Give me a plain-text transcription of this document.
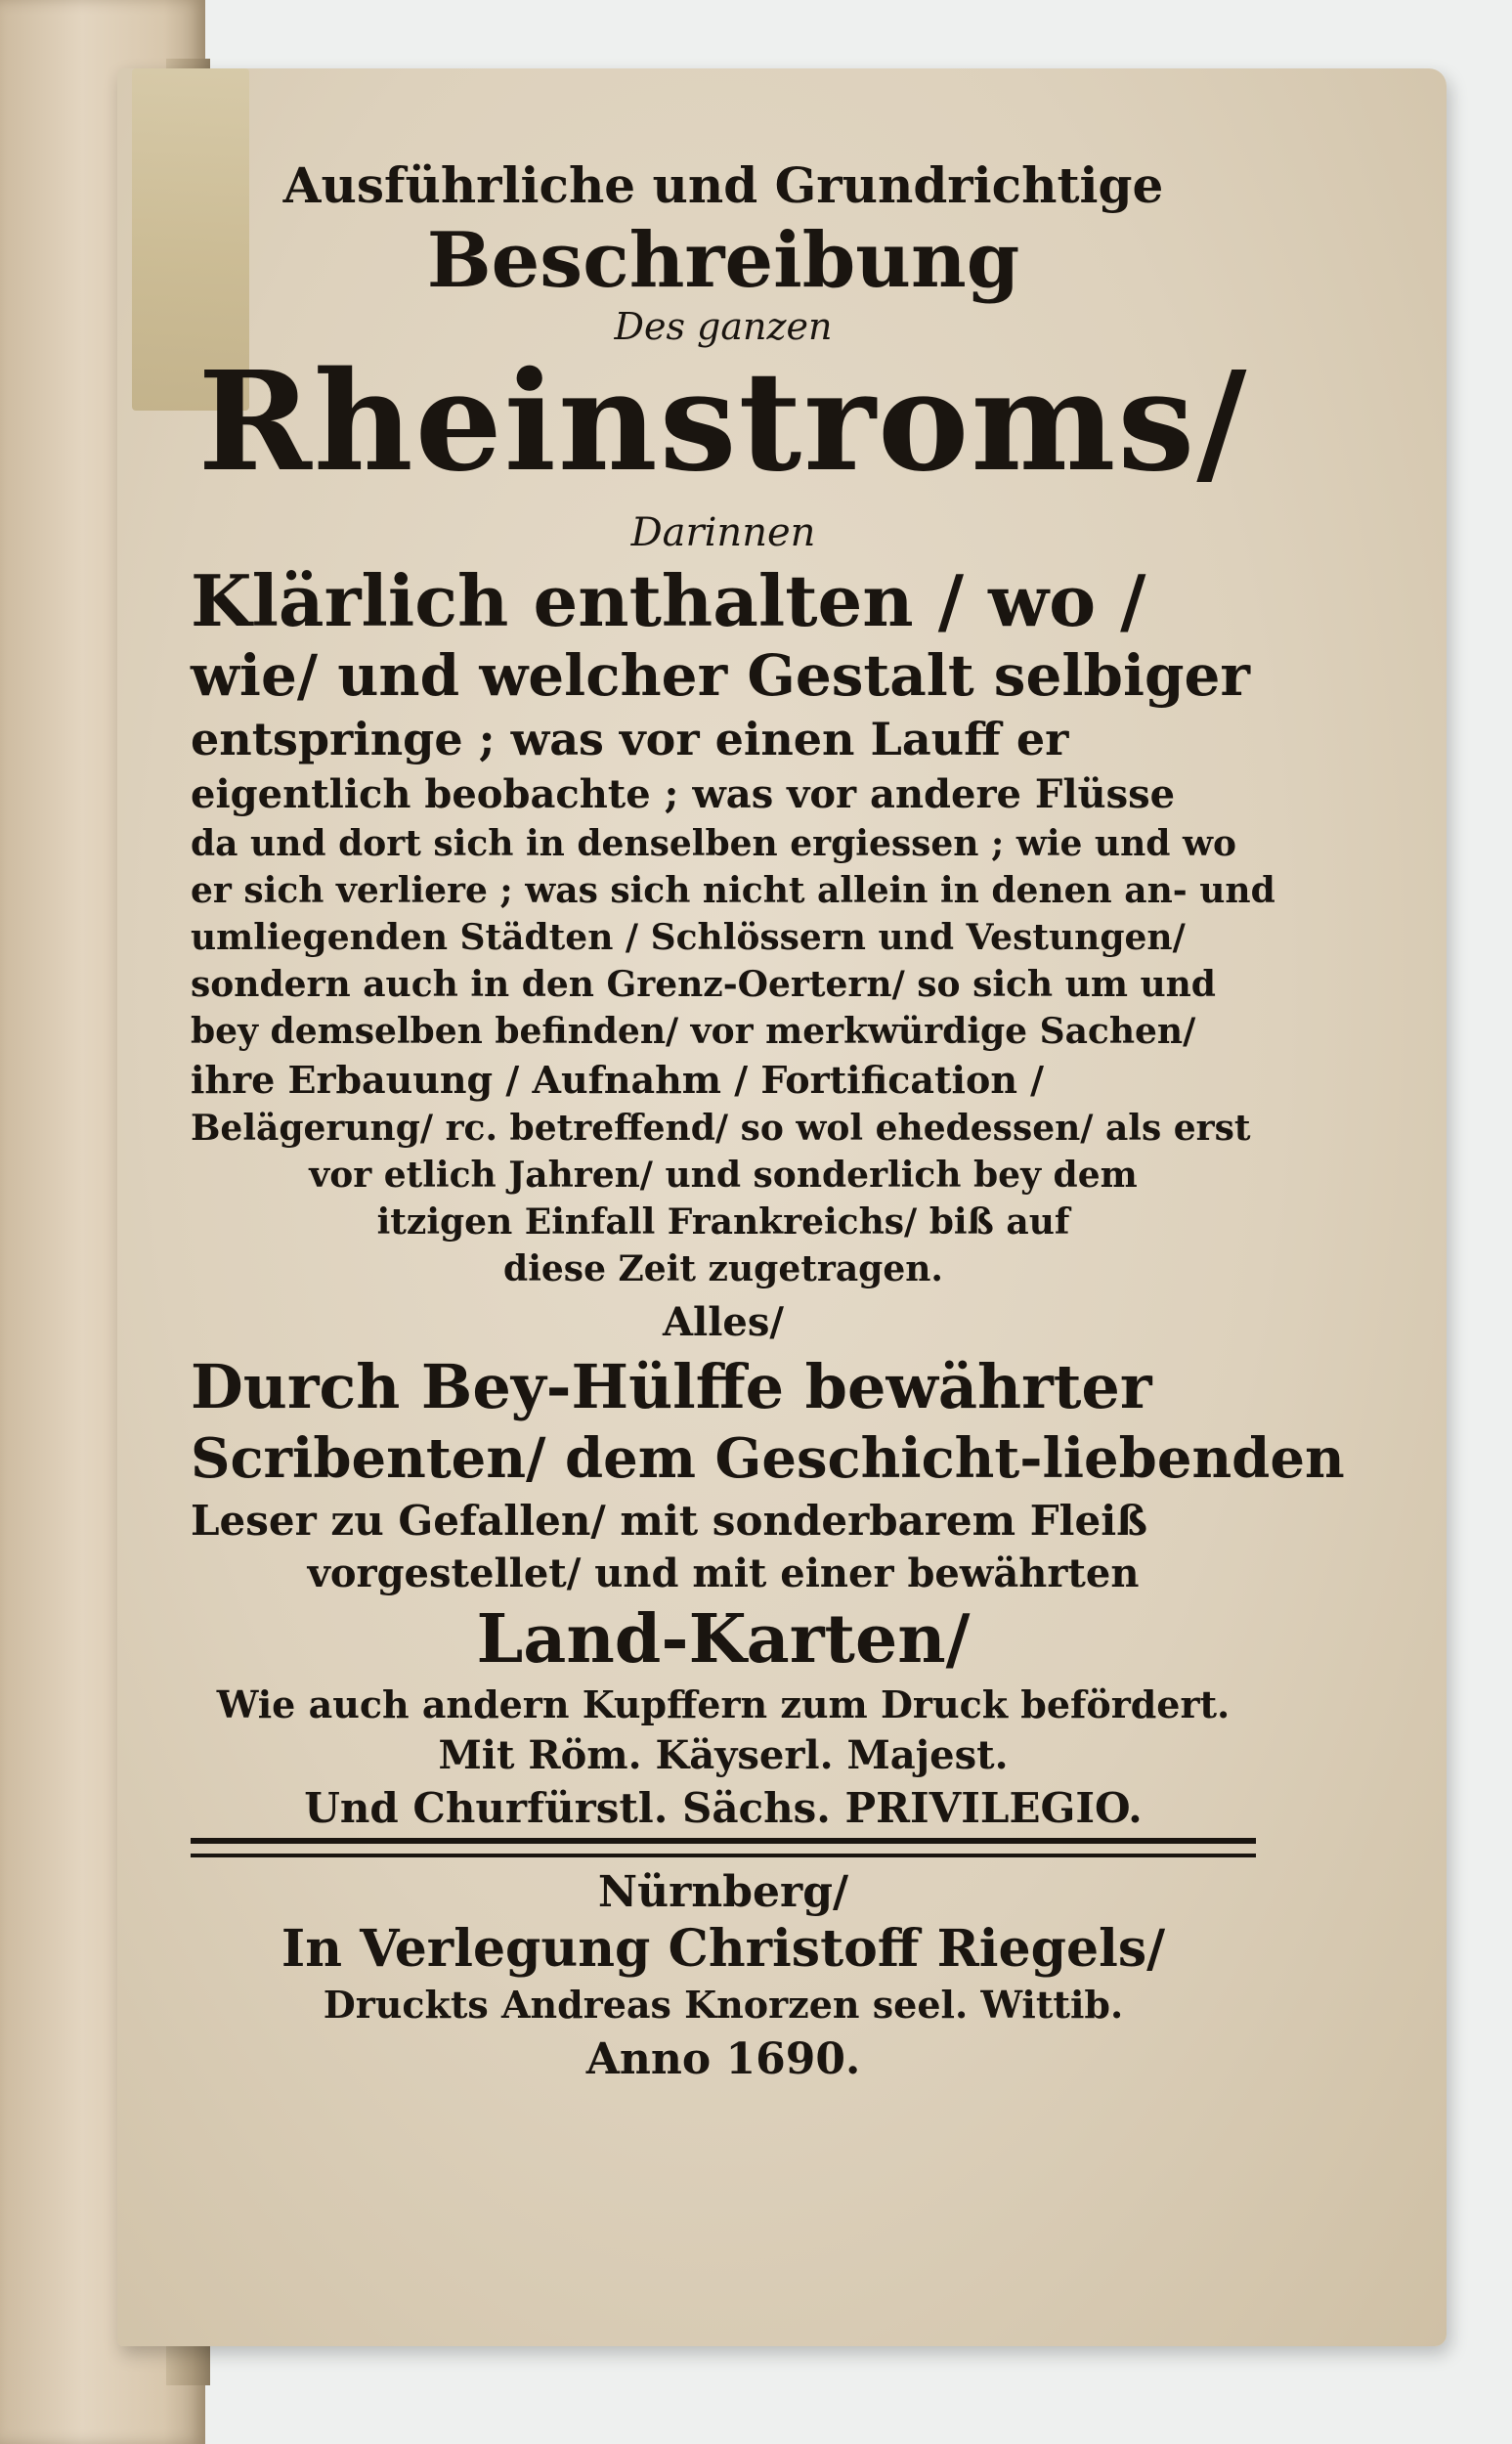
Ausführliche und Grundrichtige
Beschreibung
Des ganzen
Rheinstroms/
Darinnen
Klärlich enthalten / wo /
wie/ und welcher Gestalt selbiger
entspringe ; was vor einen Lauff er
eigentlich beobachte ; was vor andere Flüsse
da und dort sich in denselben ergiessen ; wie und wo
er sich verliere ; was sich nicht allein in denen an- und
umliegenden Städten / Schlössern und Vestungen/
sondern auch in den Grenz-Oertern/ so sich um und
bey demselben befinden/ vor merkwürdige Sachen/
ihre Erbauung / Aufnahm / Fortification /
Belägerung/ rc. betreffend/ so wol ehedessen/ als erst
vor etlich Jahren/ und sonderlich bey dem
itzigen Einfall Frankreichs/ biß auf
diese Zeit zugetragen.
Alles/
Durch Bey-Hülffe bewährter
Scribenten/ dem Geschicht-liebenden
Leser zu Gefallen/ mit sonderbarem Fleiß
vorgestellet/ und mit einer bewährten
Land-Karten/
Wie auch andern Kupffern zum Druck befördert.
Mit Röm. Käyserl. Majest.
Und Churfürstl. Sächs. PRIVILEGIO.
Nürnberg/
In Verlegung Christoff Riegels/
Druckts Andreas Knorzen seel. Wittib.
Anno 1690.
